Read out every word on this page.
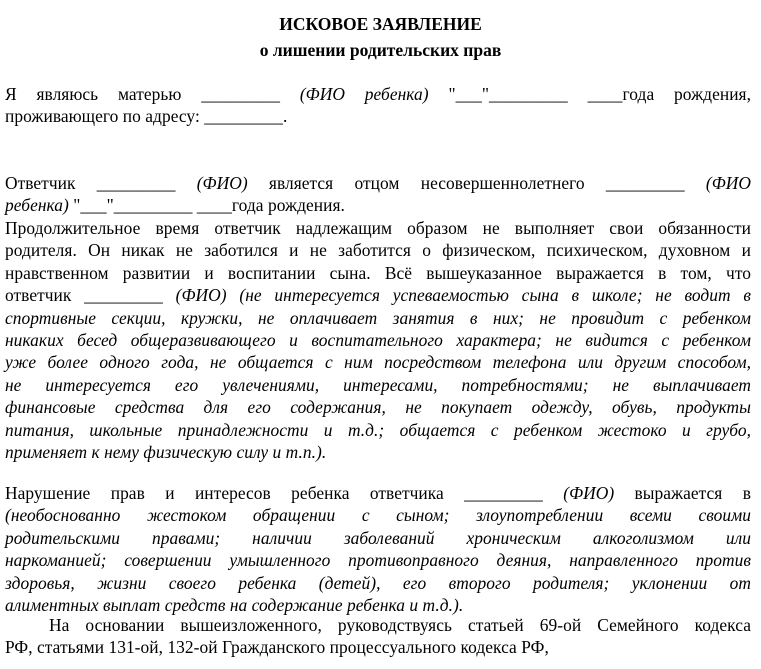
ИСКОВОЕ ЗАЯВЛЕНИЕ
о лишении родительских прав
Я являюсь матерью _________ (ФИО ребенка) "___"_________ ____года рождения,
проживающего по адресу: _________.
Ответчик _________ (ФИО) является отцом несовершеннолетнего _________ (ФИО
ребенка) "___"_________ ____года рождения.
Продолжительное время ответчик надлежащим образом не выполняет свои обязанности
родителя. Он никак не заботился и не заботится о физическом, психическом, духовном и
нравственном развитии и воспитании сына. Всё вышеуказанное выражается в том, что
ответчик _________ (ФИО) (не интересуется успеваемостью сына в школе; не водит в
спортивные секции, кружки, не оплачивает занятия в них; не провидит с ребенком
никаких бесед общеразвивающего и воспитательного характера; не видится с ребенком
уже более одного года, не общается с ним посредством телефона или другим способом,
не интересуется его увлечениями, интересами, потребностями; не выплачивает
финансовые средства для его содержания, не покупает одежду, обувь, продукты
питания, школьные принадлежности и т.д.; общается с ребенком жестоко и грубо,
применяет к нему физическую силу и т.п.).
Нарушение прав и интересов ребенка ответчика _________ (ФИО) выражается в
(необоснованно жестоком обращении с сыном; злоупотреблении всеми своими
родительскими правами; наличии заболеваний хроническим алкоголизмом или
наркоманией; совершении умышленного противоправного деяния, направленного против
здоровья, жизни своего ребенка (детей), его второго родителя; уклонении от
алиментных выплат средств на содержание ребенка и т.д.).
На основании вышеизложенного, руководствуясь статьей 69-ой Семейного кодекса
РФ, статьями 131-ой, 132-ой Гражданского процессуального кодекса РФ,
